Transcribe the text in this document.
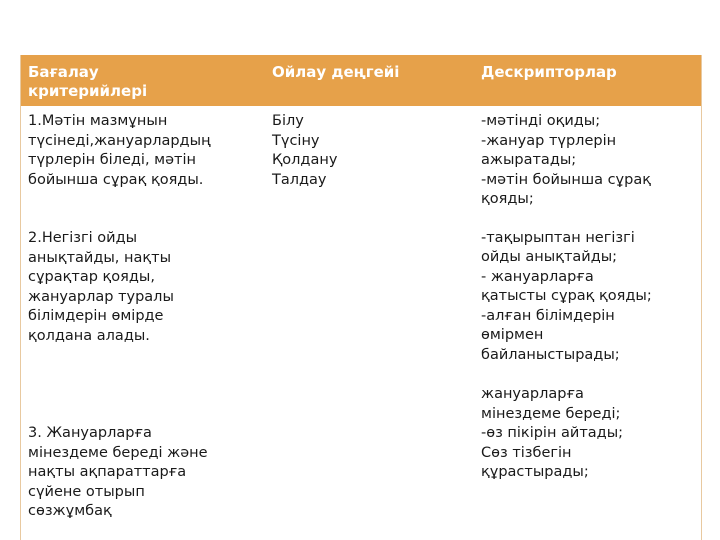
Бағалау
критерийлері
Ойлау деңгейі	Дескрипторлар

1.Мәтін мазмұнын
түсінеді,жануарлардың
түрлерін біледі, мәтін
бойынша сұрақ қояды.

2.Негізгі ойды
анықтайды, нақты
сұрақтар қояды,
жануарлар туралы
білімдерін өмірде
қолдана алады.

3. Жануарларға
мінездеме береді және
нақты ақпараттарға
сүйене отырып
сөзжұмбақ

Білу
Түсіну
Қолдану
Талдау

-мәтінді оқиды;
-жануар түрлерін
ажыратады;
-мәтін бойынша сұрақ
қояды;

-тақырыптан негізгі
ойды анықтайды;
- жануарларға
қатысты сұрақ қояды;
-алған білімдерін
өмірмен
байланыстырады;

жануарларға
мінездеме береді;
-өз пікірін айтады;
Сөз тізбегін
құрастырады;
